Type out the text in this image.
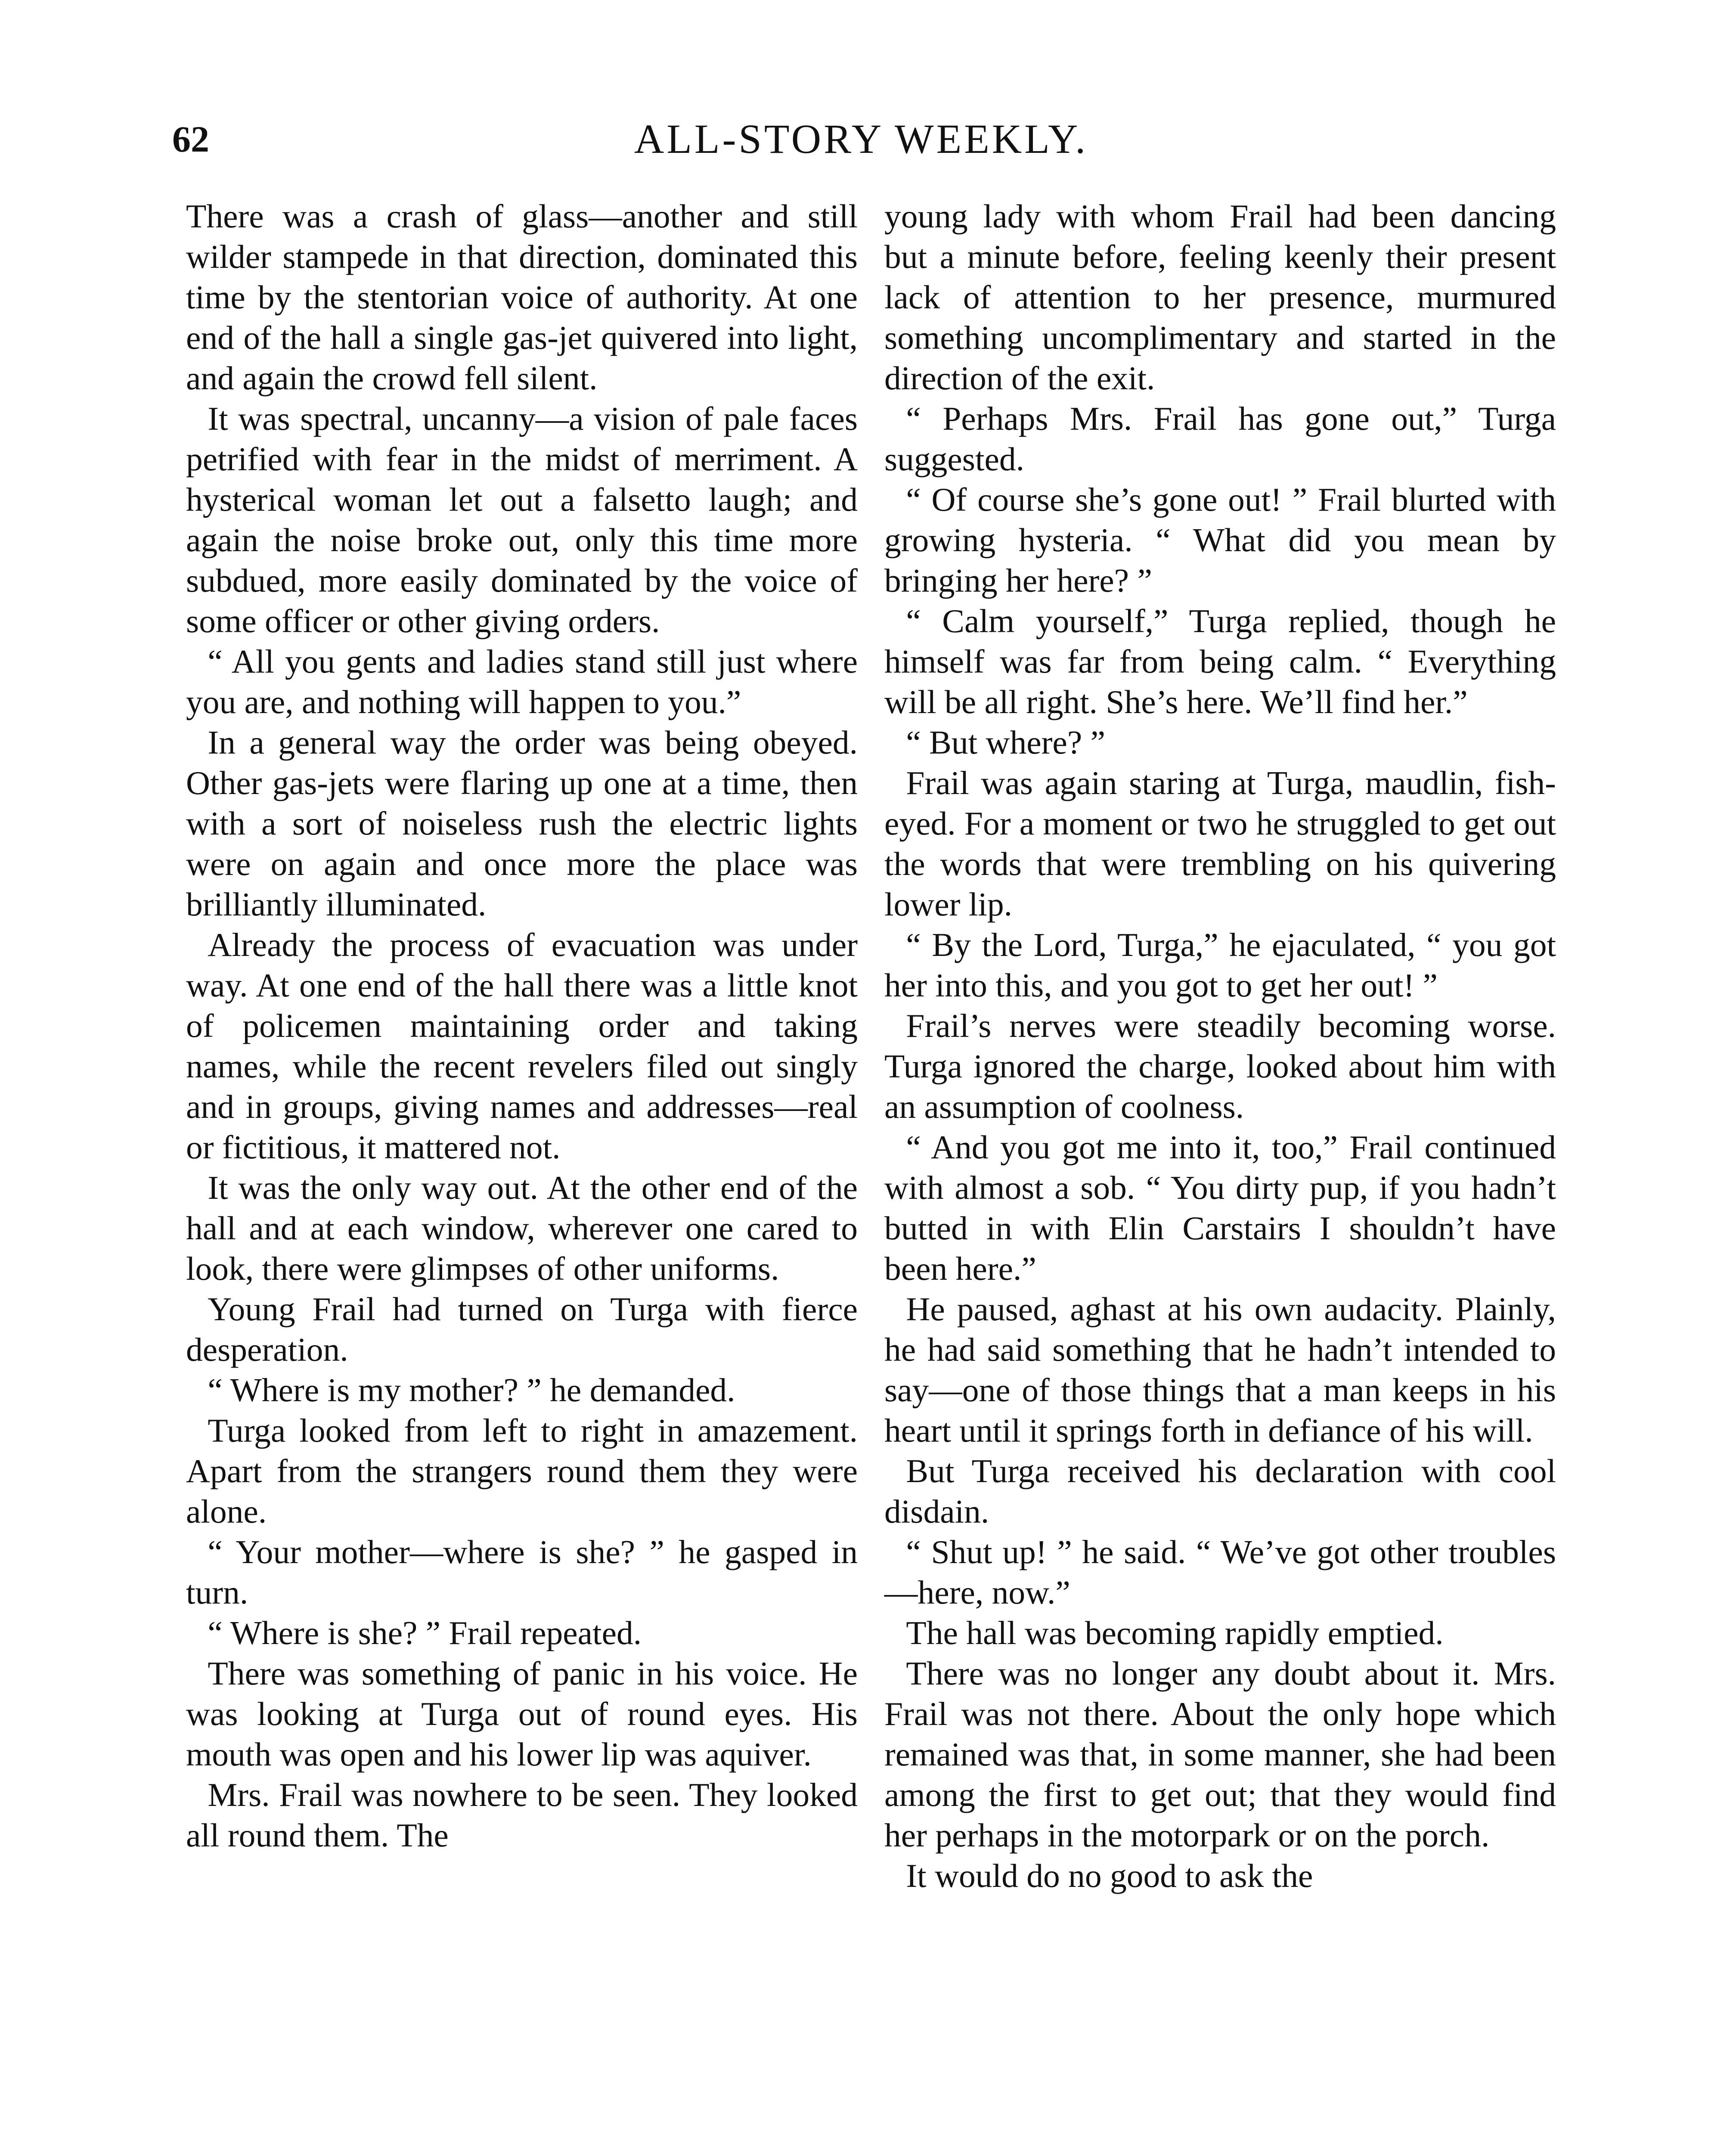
62	ALL-STORY WEEKLY.

There was a crash of glass—another and still wilder stampede in that direction, dominated this time by the stentorian voice of authority. At one end of the hall a single gas-jet quivered into light, and again the crowd fell silent.

It was spectral, uncanny—a vision of pale faces petrified with fear in the midst of merriment. A hysterical woman let out a falsetto laugh; and again the noise broke out, only this time more subdued, more easily dominated by the voice of some officer or other giving orders.

“ All you gents and ladies stand still just where you are, and nothing will happen to you.”

In a general way the order was being obeyed. Other gas-jets were flaring up one at a time, then with a sort of noiseless rush the electric lights were on again and once more the place was brilliantly illuminated.

Already the process of evacuation was under way. At one end of the hall there was a little knot of policemen maintaining order and taking names, while the recent revelers filed out singly and in groups, giving names and addresses—real or fictitious, it mattered not.

It was the only way out. At the other end of the hall and at each window, wherever one cared to look, there were glimpses of other uniforms.

Young Frail had turned on Turga with fierce desperation.

“ Where is my mother? ” he demanded.

Turga looked from left to right in amazement. Apart from the strangers round them they were alone.

“ Your mother—where is she? ” he gasped in turn.

“ Where is she? ” Frail repeated.

There was something of panic in his voice. He was looking at Turga out of round eyes. His mouth was open and his lower lip was aquiver.

Mrs. Frail was nowhere to be seen. They looked all round them. The

young lady with whom Frail had been dancing but a minute before, feeling keenly their present lack of attention to her presence, murmured something uncomplimentary and started in the direction of the exit.

“ Perhaps Mrs. Frail has gone out,” Turga suggested.

“ Of course she’s gone out! ” Frail blurted with growing hysteria. “ What did you mean by bringing her here? ”

“ Calm yourself,” Turga replied, though he himself was far from being calm. “ Everything will be all right. She’s here. We’ll find her.”

“ But where? ”

Frail was again staring at Turga, maudlin, fish-eyed. For a moment or two he struggled to get out the words that were trembling on his quivering lower lip.

“ By the Lord, Turga,” he ejaculated, “ you got her into this, and you got to get her out! ”

Frail’s nerves were steadily becoming worse. Turga ignored the charge, looked about him with an assumption of coolness.

“ And you got me into it, too,” Frail continued with almost a sob. “ You dirty pup, if you hadn’t butted in with Elin Carstairs I shouldn’t have been here.”

He paused, aghast at his own audacity. Plainly, he had said something that he hadn’t intended to say—one of those things that a man keeps in his heart until it springs forth in defiance of his will.

But Turga received his declaration with cool disdain.

“ Shut up! ” he said. “ We’ve got other troubles—here, now.”

The hall was becoming rapidly emptied.

There was no longer any doubt about it. Mrs. Frail was not there. About the only hope which remained was that, in some manner, she had been among the first to get out; that they would find her perhaps in the motorpark or on the porch.

It would do no good to ask the
